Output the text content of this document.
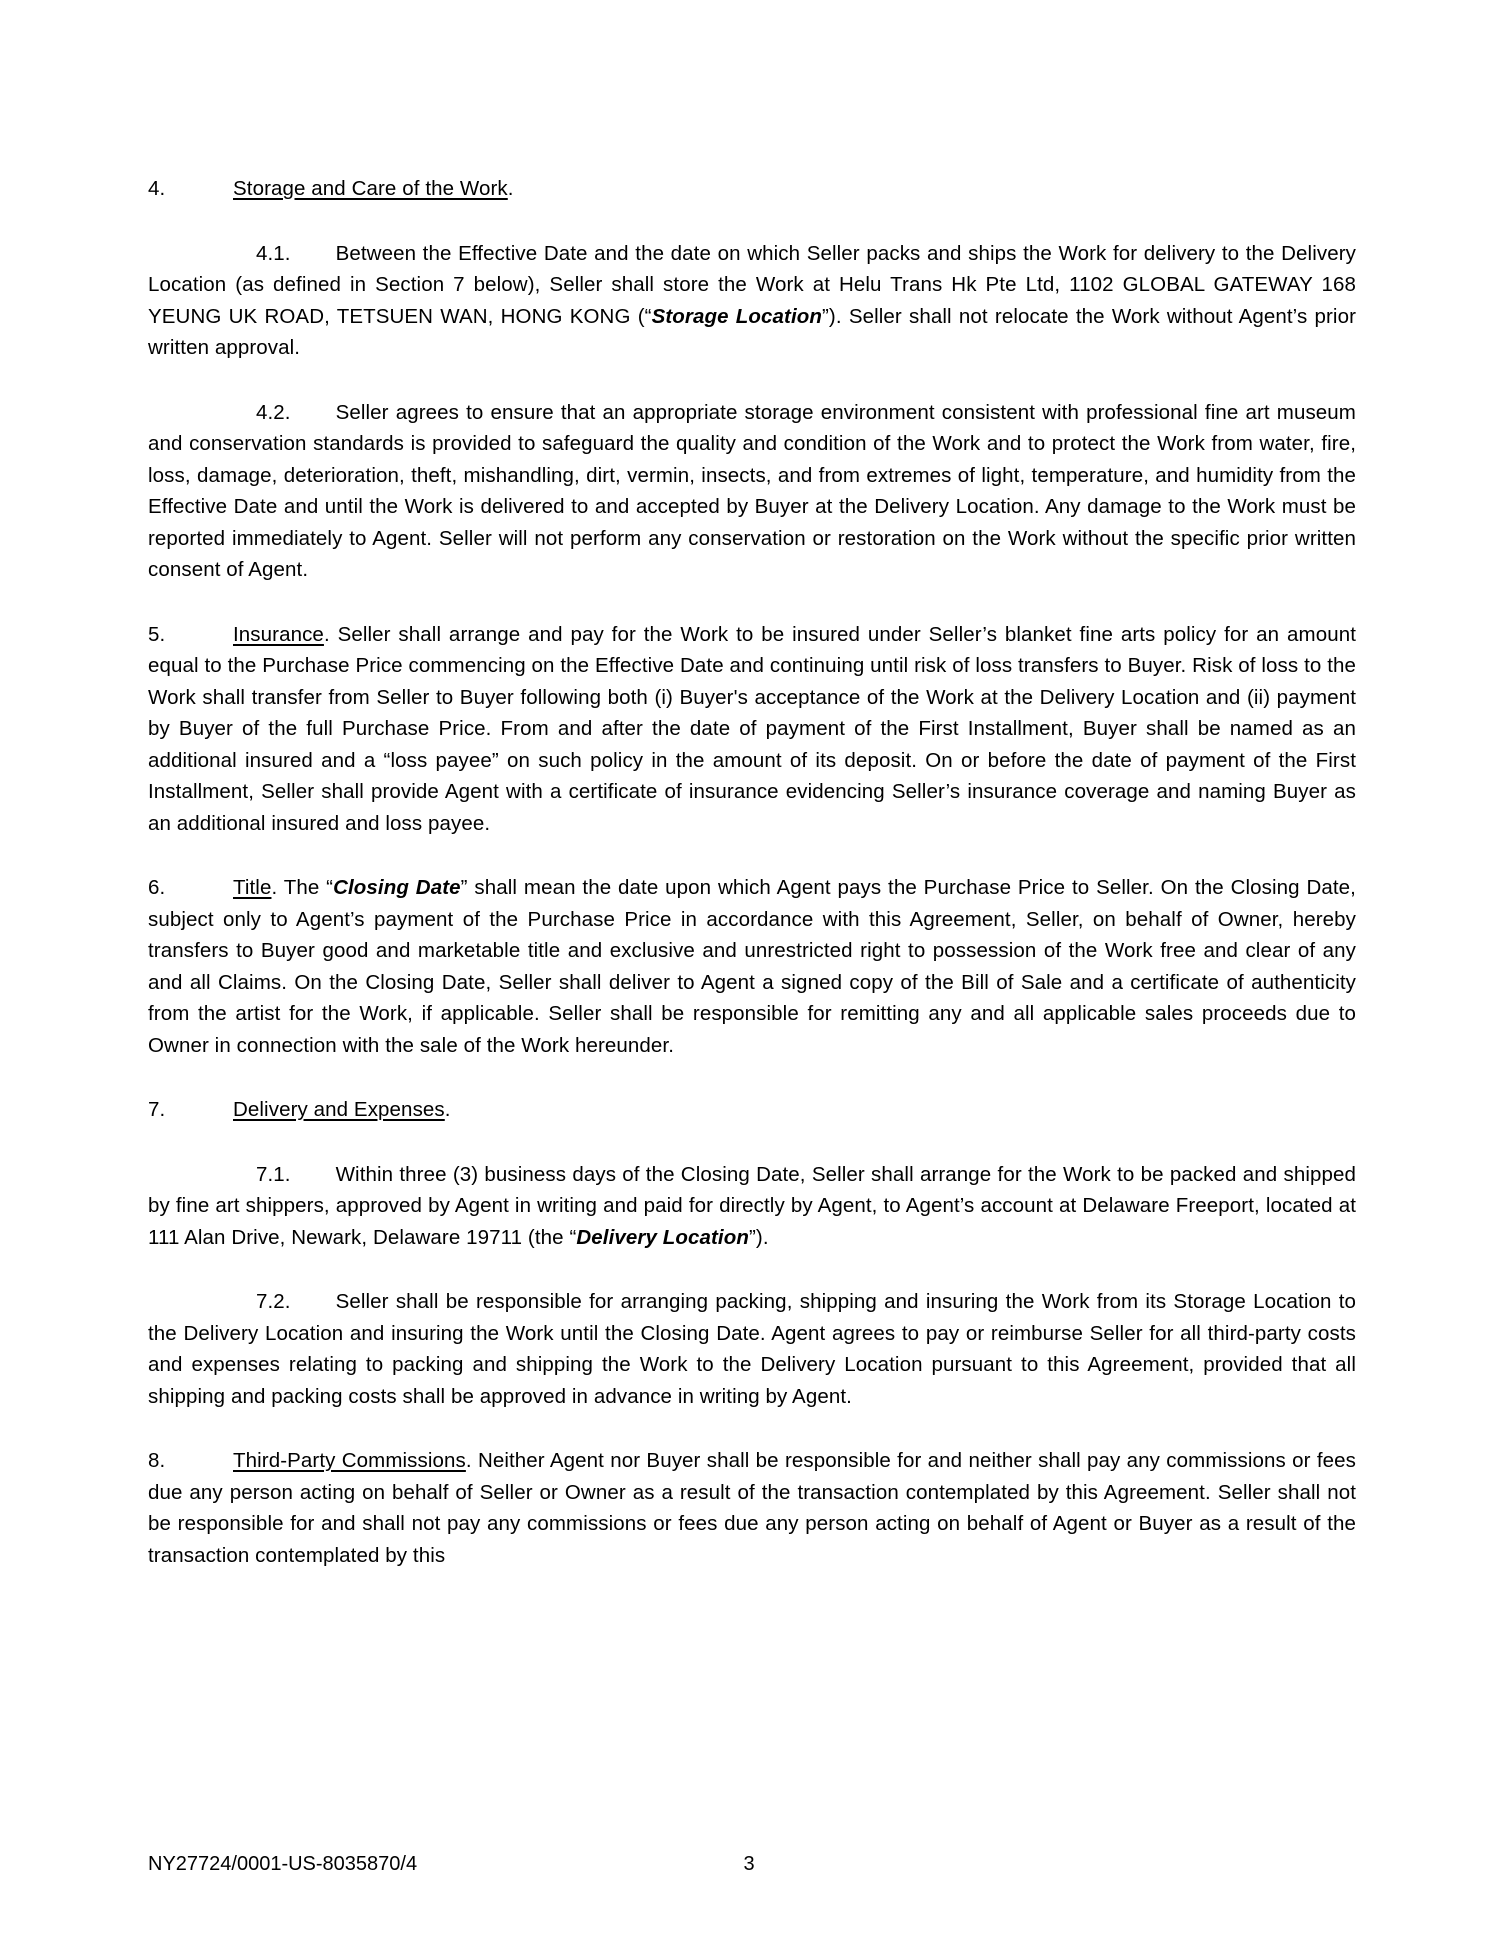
4.	Storage and Care of the Work.

4.1. Between the Effective Date and the date on which Seller packs and ships the Work for delivery to the Delivery Location (as defined in Section 7 below), Seller shall store the Work at Helu Trans Hk Pte Ltd, 1102 GLOBAL GATEWAY 168 YEUNG UK ROAD, TETSUEN WAN, HONG KONG (“Storage Location”). Seller shall not relocate the Work without Agent’s prior written approval.

4.2. Seller agrees to ensure that an appropriate storage environment consistent with professional fine art museum and conservation standards is provided to safeguard the quality and condition of the Work and to protect the Work from water, fire, loss, damage, deterioration, theft, mishandling, dirt, vermin, insects, and from extremes of light, temperature, and humidity from the Effective Date and until the Work is delivered to and accepted by Buyer at the Delivery Location. Any damage to the Work must be reported immediately to Agent. Seller will not perform any conservation or restoration on the Work without the specific prior written consent of Agent.

5.	Insurance. Seller shall arrange and pay for the Work to be insured under Seller’s blanket fine arts policy for an amount equal to the Purchase Price commencing on the Effective Date and continuing until risk of loss transfers to Buyer. Risk of loss to the Work shall transfer from Seller to Buyer following both (i) Buyer's acceptance of the Work at the Delivery Location and (ii) payment by Buyer of the full Purchase Price. From and after the date of payment of the First Installment, Buyer shall be named as an additional insured and a “loss payee” on such policy in the amount of its deposit. On or before the date of payment of the First Installment, Seller shall provide Agent with a certificate of insurance evidencing Seller’s insurance coverage and naming Buyer as an additional insured and loss payee.

6.	Title. The “Closing Date” shall mean the date upon which Agent pays the Purchase Price to Seller. On the Closing Date, subject only to Agent’s payment of the Purchase Price in accordance with this Agreement, Seller, on behalf of Owner, hereby transfers to Buyer good and marketable title and exclusive and unrestricted right to possession of the Work free and clear of any and all Claims. On the Closing Date, Seller shall deliver to Agent a signed copy of the Bill of Sale and a certificate of authenticity from the artist for the Work, if applicable. Seller shall be responsible for remitting any and all applicable sales proceeds due to Owner in connection with the sale of the Work hereunder.

7.	Delivery and Expenses.

7.1. Within three (3) business days of the Closing Date, Seller shall arrange for the Work to be packed and shipped by fine art shippers, approved by Agent in writing and paid for directly by Agent, to Agent’s account at Delaware Freeport, located at 111 Alan Drive, Newark, Delaware 19711 (the “Delivery Location”).

7.2. Seller shall be responsible for arranging packing, shipping and insuring the Work from its Storage Location to the Delivery Location and insuring the Work until the Closing Date. Agent agrees to pay or reimburse Seller for all third-party costs and expenses relating to packing and shipping the Work to the Delivery Location pursuant to this Agreement, provided that all shipping and packing costs shall be approved in advance in writing by Agent.

8.	Third-Party Commissions. Neither Agent nor Buyer shall be responsible for and neither shall pay any commissions or fees due any person acting on behalf of Seller or Owner as a result of the transaction contemplated by this Agreement. Seller shall not be responsible for and shall not pay any commissions or fees due any person acting on behalf of Agent or Buyer as a result of the transaction contemplated by this

3
NY27724/0001-US-8035870/4
